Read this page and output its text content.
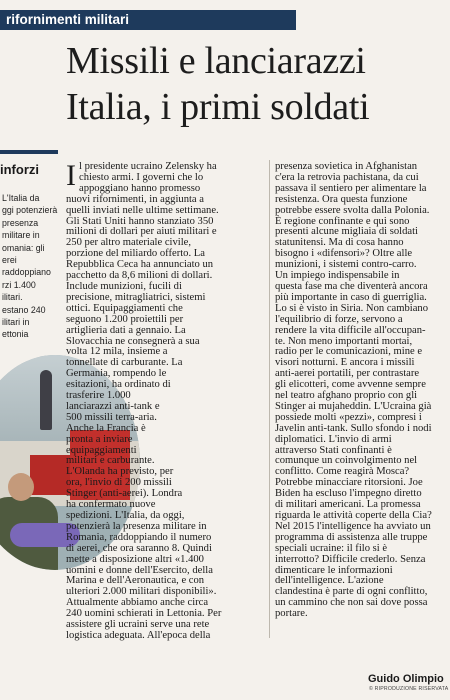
rifornimenti militari
Missili e lanciarazzi
Italia, i primi soldati
inforzi
L'Italia da
ggi potenzierà
presenza
militare in
omania: gli
erei
raddoppiano
rzi 1.400
ilitari.
estano 240
ilitari in
ettonia
I l presidente ucraino Zelensky ha
chiesto armi. I governi che lo
appoggiano hanno promesso
nuovi rifornimenti, in aggiunta a
quelli inviati nelle ultime settimane.
Gli Stati Uniti hanno stanziato 350
milioni di dollari per aiuti militari e
250 per altro materiale civile,
porzione del miliardo offerto. La
Repubblica Ceca ha annunciato un
pacchetto da 8,6 milioni di dollari.
Include munizioni, fucili di
precisione, mitragliatrici, sistemi
ottici. Equipaggiamenti che
seguono 1.200 proiettili per
artiglieria dati a gennaio. La
Slovacchia ne consegnerà a sua
volta 12 mila, insieme a
tonnellate di carburante. La
Germania, rompendo le
esitazioni, ha ordinato di
trasferire 1.000
lanciarazzi anti-tank e
500 missili terra-aria.
Anche la Francia è
pronta a inviare
equipaggiamenti
militari e carburante.
L'Olanda ha previsto, per
ora, l'invio di 200 missili
Stinger (anti-aerei). Londra
ha confermato nuove
spedizioni. L'Italia, da oggi,
potenzierà la presenza militare in
Romania, raddoppiando il numero
di aerei, che ora saranno 8. Quindi
mette a disposizione altri «1.400
uomini e donne dell'Esercito, della
Marina e dell'Aeronautica, e con
ulteriori 2.000 militari disponibili».
Attualmente abbiamo anche circa
240 uomini schierati in Lettonia. Per
assistere gli ucraini serve una rete
logistica adeguata. All'epoca della
presenza sovietica in Afghanistan
c'era la retrovia pachistana, da cui
passava il sentiero per alimentare la
resistenza. Ora questa funzione
potrebbe essere svolta dalla Polonia.
È regione confinante e qui sono
presenti alcune migliaia di soldati
statunitensi. Ma di cosa hanno
bisogno i «difensori»? Oltre alle
munizioni, i sistemi contro-carro.
Un impiego indispensabile in
questa fase ma che diventerà ancora
più importante in caso di guerriglia.
Lo si è visto in Siria. Non cambiano
l'equilibrio di forze, servono a
rendere la vita difficile all'occupan-
te. Non meno importanti mortai,
radio per le comunicazioni, mine e
visori notturni. E ancora i missili
anti-aerei portatili, per contrastare
gli elicotteri, come avvenne sempre
nel teatro afghano proprio con gli
Stinger ai mujaheddin. L'Ucraina già
possiede molti «pezzi», compresi i
Javelin anti-tank. Sullo sfondo i nodi
diplomatici. L'invio di armi
attraverso Stati confinanti è
comunque un coinvolgimento nel
conflitto. Come reagirà Mosca?
Potrebbe minacciare ritorsioni. Joe
Biden ha escluso l'impegno diretto
di militari americani. La promessa
riguarda le attività coperte della Cia?
Nel 2015 l'intelligence ha avviato un
programma di assistenza alle truppe
speciali ucraine: il filo si è
interrotto? Difficile crederlo. Senza
dimenticare le informazioni
dell'intelligence. L'azione
clandestina è parte di ogni conflitto,
un cammino che non sai dove possa
portare.
Guido Olimpio
© RIPRODUZIONE RISERVATA
